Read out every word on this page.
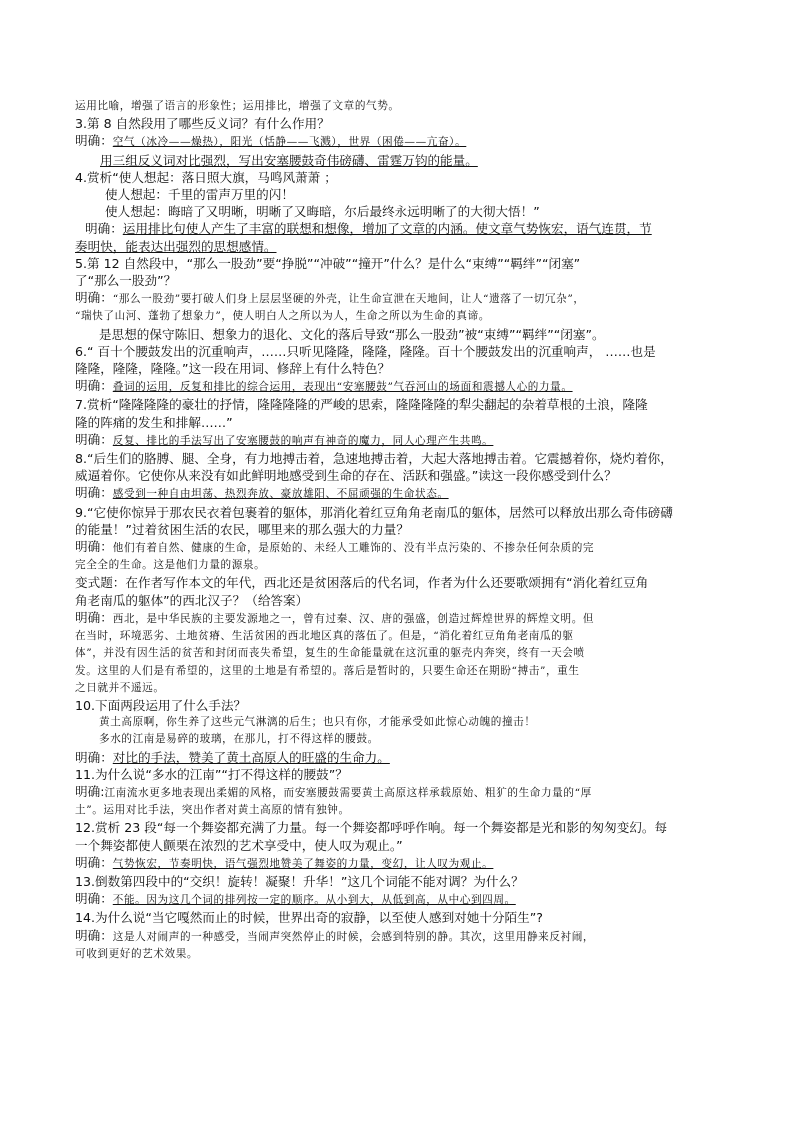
运用比喻，增强了语言的形象性；运用排比，增强了文章的气势。

3.第 8 自然段用了哪些反义词？有什么作用？

明确：空气（冰冷——燥热），阳光（恬静——飞溅），世界（困倦——亢奋）。

用三组反义词对比强烈，写出安塞腰鼓奇伟磅礴、雷霆万钧的能量。

4.赏析“使人想起：落日照大旗，马鸣风萧萧 ；

使人想起：千里的雷声万里的闪！

使人想起：晦暗了又明晰，明晰了又晦暗，尔后最终永远明晰了的大彻大悟！”

明确：运用排比句使人产生了丰富的联想和想像，增加了文章的内涵。使文章气势恢宏，语气连贯，节

奏明快，能表达出强烈的思想感情。

5.第 12 自然段中，“那么一股劲”要“挣脱”“冲破”“撞开”什么？是什么“束缚”“羁绊”“闭塞”

了“那么一股劲”？

明确：“那么一股劲”要打破人们身上层层坚硬的外壳，让生命宣泄在天地间，让人“遗落了一切冗杂”，

“瑞快了山河、蓬勃了想象力”，使人明白人之所以为人，生命之所以为生命的真谛。

是思想的保守陈旧、想象力的退化、文化的落后导致“那么一股劲”被“束缚”“羁绊”“闭塞”。

6.“ 百十个腰鼓发出的沉重响声，……只听见隆隆，隆隆，隆隆。百十个腰鼓发出的沉重响声， ……也是

隆隆，隆隆，隆隆。”这一段在用词、修辞上有什么特色？

明确：叠词的运用，反复和排比的综合运用，表现出“安塞腰鼓”气吞河山的场面和震撼人心的力量。

7.赏析“隆隆隆隆的豪壮的抒情，隆隆隆隆的严峻的思索，隆隆隆隆的犁尖翻起的杂着草根的土浪，隆隆

隆的阵痛的发生和排解……”

明确：反复、排比的手法写出了安塞腰鼓的响声有神奇的魔力，同人心理产生共鸣。

8.“后生们的胳膊、腿、全身，有力地搏击着，急速地搏击着，大起大落地搏击着。它震撼着你，烧灼着你，

威逼着你。它使你从来没有如此鲜明地感受到生命的存在、活跃和强盛。”读这一段你感受到什么？

明确：感受到一种自由坦荡、热烈奔放、豪放雄阳、不屈顽强的生命状态。

9.“它使你惊异于那农民衣着包裹着的躯体，那消化着红豆角角老南瓜的躯体，居然可以释放出那么奇伟磅礴

的能量！”过着贫困生活的农民，哪里来的那么强大的力量？

明确：他们有着自然、健康的生命，是原始的、未经人工雕饰的、没有半点污染的、不掺杂任何杂质的完

完全全的生命。这是他们力量的源泉。

变式题：在作者写作本文的年代，西北还是贫困落后的代名词，作者为什么还要歌颂拥有“消化着红豆角

角老南瓜的躯体”的西北汉子？（给答案）

明确：西北，是中华民族的主要发源地之一，曾有过秦、汉、唐的强盛，创造过辉煌世界的辉煌文明。但

在当时，环境恶劣、土地贫瘠、生活贫困的西北地区真的落伍了。但是，“消化着红豆角角老南瓜的躯

体”，并没有因生活的贫苦和封闭而丧失希望，复生的生命能量就在这沉重的躯壳内奔突，终有一天会喷

发。这里的人们是有希望的，这里的土地是有希望的。落后是暂时的，只要生命还在期盼“搏击”，重生

之日就并不遥远。

10.下面两段运用了什么手法？

黄土高原啊，你生养了这些元气淋漓的后生；也只有你，才能承受如此惊心动魄的撞击！

多水的江南是易碎的玻璃，在那儿，打不得这样的腰鼓。

明确：对比的手法，赞美了黄土高原人的旺盛的生命力。

11.为什么说“多水的江南”“打不得这样的腰鼓”？

明确:江南流水更多地表现出柔媚的风格，而安塞腰鼓需要黄土高原这样承载原始、粗犷的生命力量的“厚

土”。运用对比手法，突出作者对黄土高原的情有独钟。

12.赏析 23 段“每一个舞姿都充满了力量。每一个舞姿都呼呼作响。每一个舞姿都是光和影的匆匆变幻。每

一个舞姿都使人颤栗在浓烈的艺术享受中，使人叹为观止。”

明确：气势恢宏，节奏明快，语气强烈地赞美了舞姿的力量，变幻，让人叹为观止。

13.倒数第四段中的“交织！旋转！凝聚！升华！”这几个词能不能对调？为什么？

明确：不能。因为这几个词的排列按一定的顺序。从小到大，从低到高，从中心到四周。

14.为什么说“当它嘎然而止的时候，世界出奇的寂静，以至使人感到对她十分陌生”?

明确：这是人对闹声的一种感受，当闹声突然停止的时候，会感到特别的静。其次，这里用静来反衬闹，

可收到更好的艺术效果。
